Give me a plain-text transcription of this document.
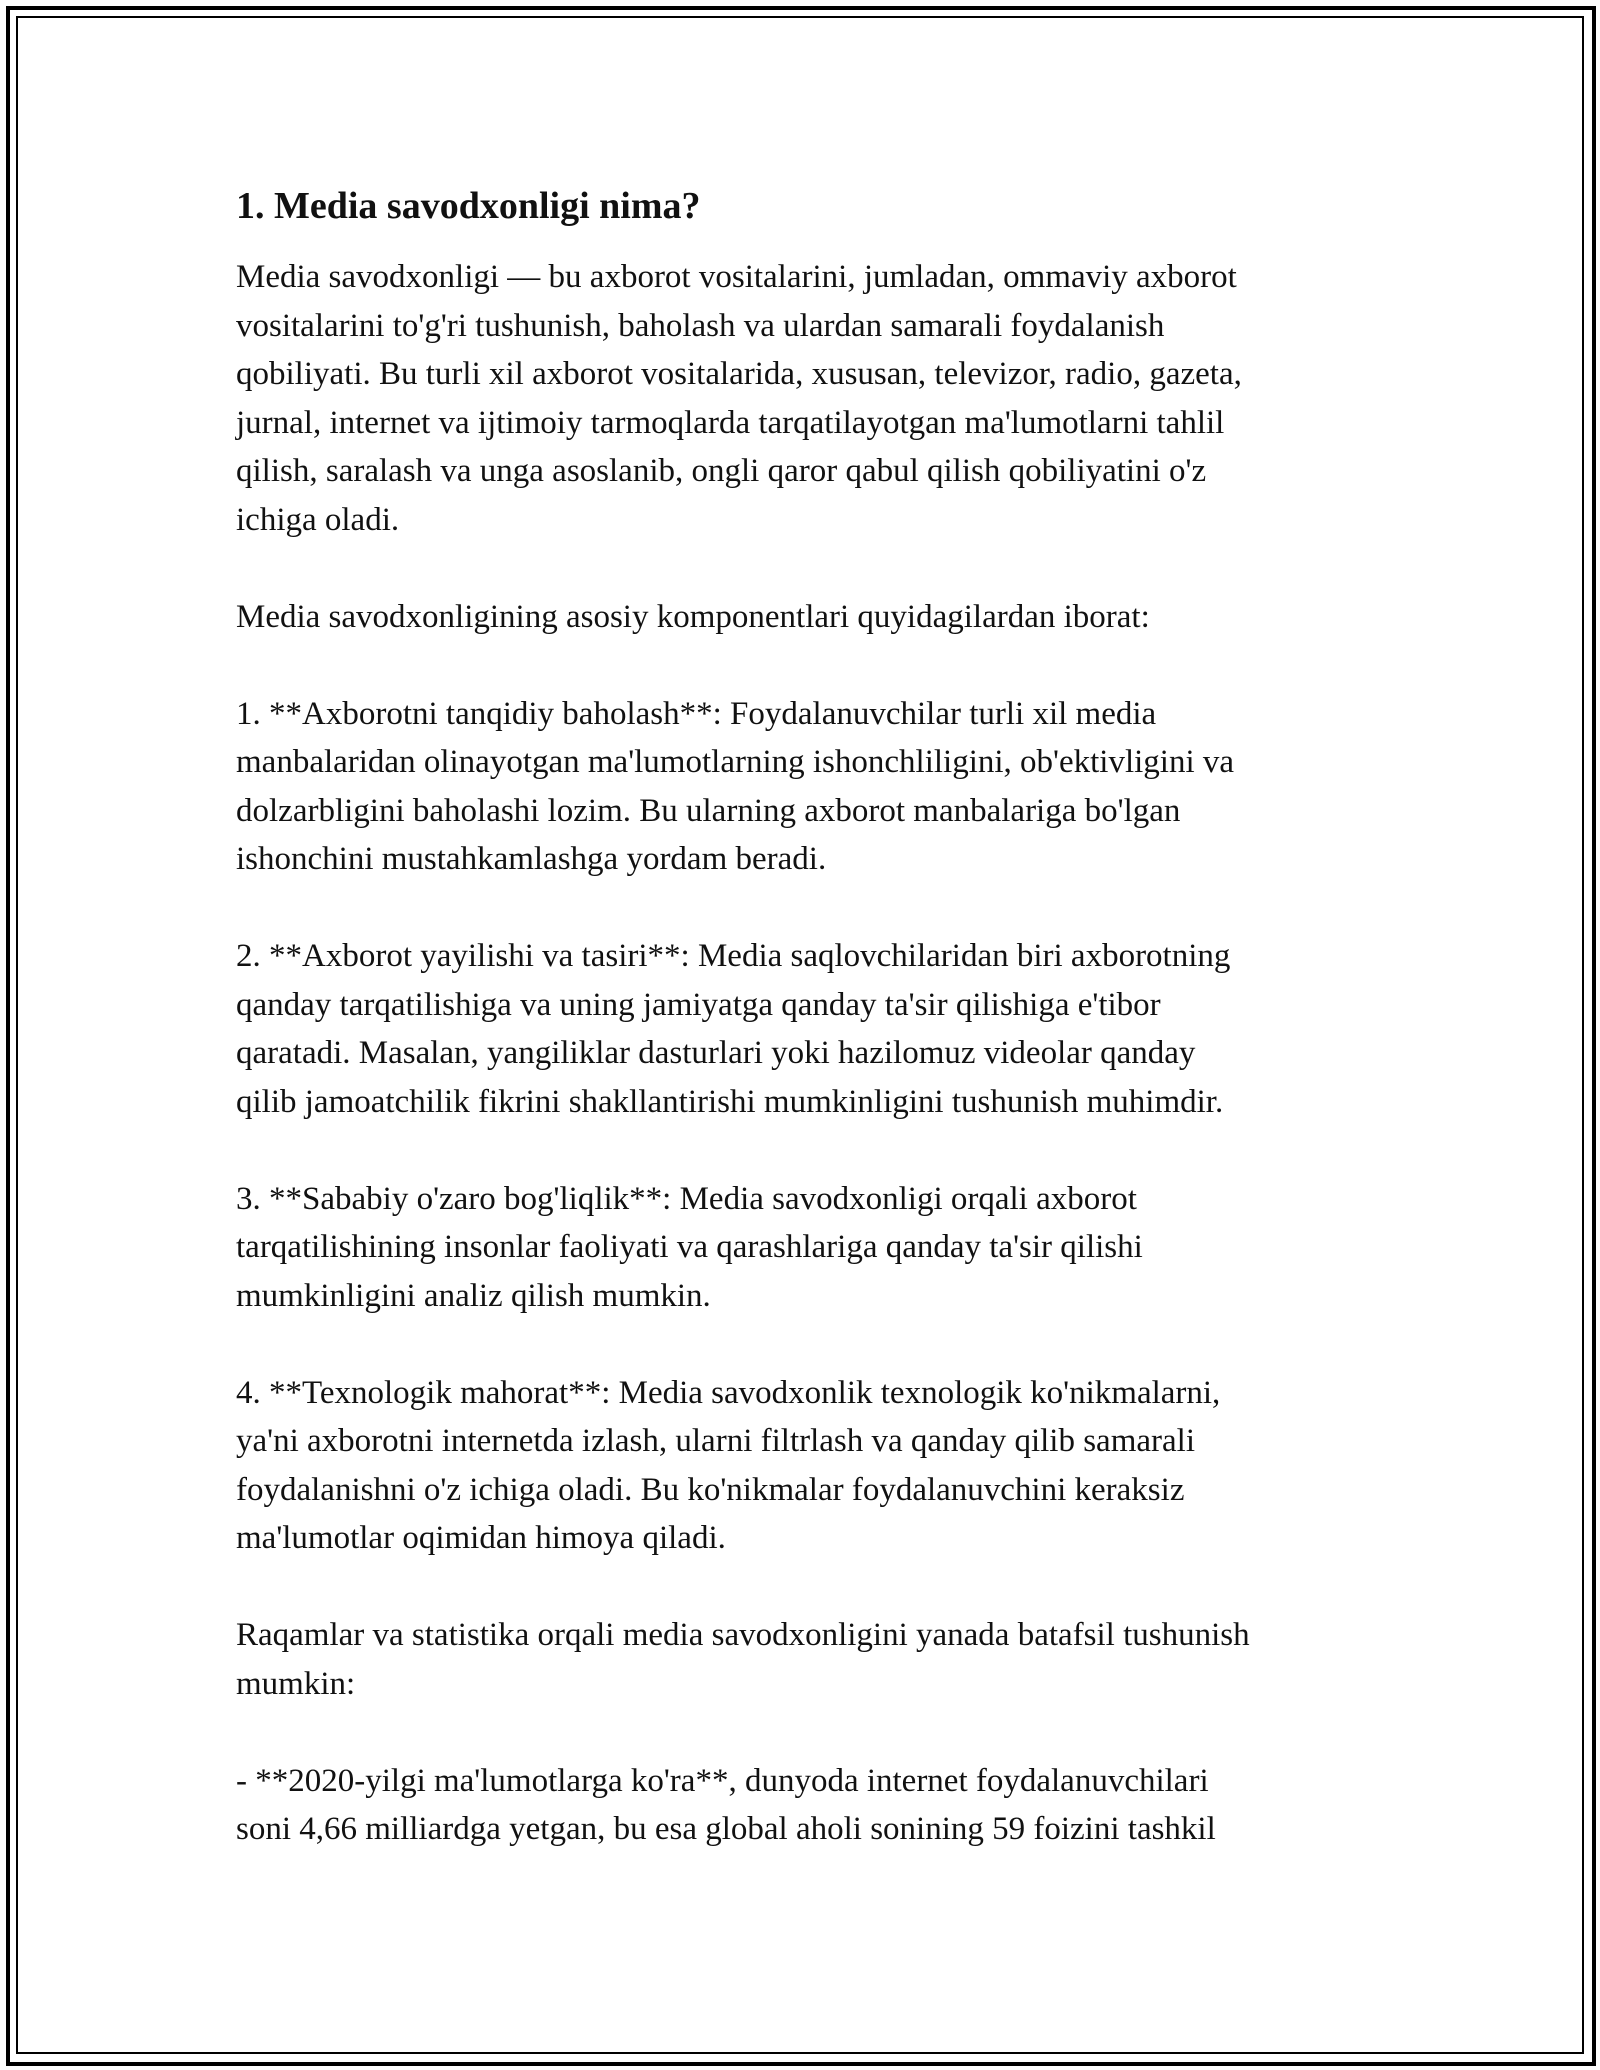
1. Media savodxonligi nima?

Media savodxonligi — bu axborot vositalarini, jumladan, ommaviy axborot
vositalarini to'g'ri tushunish, baholash va ulardan samarali foydalanish
qobiliyati. Bu turli xil axborot vositalarida, xususan, televizor, radio, gazeta,
jurnal, internet va ijtimoiy tarmoqlarda tarqatilayotgan ma'lumotlarni tahlil
qilish, saralash va unga asoslanib, ongli qaror qabul qilish qobiliyatini o'z
ichiga oladi.

Media savodxonligining asosiy komponentlari quyidagilardan iborat:

1. **Axborotni tanqidiy baholash**: Foydalanuvchilar turli xil media
manbalaridan olinayotgan ma'lumotlarning ishonchliligini, ob'ektivligini va
dolzarbligini baholashi lozim. Bu ularning axborot manbalariga bo'lgan
ishonchini mustahkamlashga yordam beradi.

2. **Axborot yayilishi va tasiri**: Media saqlovchilaridan biri axborotning
qanday tarqatilishiga va uning jamiyatga qanday ta'sir qilishiga e'tibor
qaratadi. Masalan, yangiliklar dasturlari yoki hazilomuz videolar qanday
qilib jamoatchilik fikrini shakllantirishi mumkinligini tushunish muhimdir.

3. **Sababiy o'zaro bog'liqlik**: Media savodxonligi orqali axborot
tarqatilishining insonlar faoliyati va qarashlariga qanday ta'sir qilishi
mumkinligini analiz qilish mumkin.

4. **Texnologik mahorat**: Media savodxonlik texnologik ko'nikmalarni,
ya'ni axborotni internetda izlash, ularni filtrlash va qanday qilib samarali
foydalanishni o'z ichiga oladi. Bu ko'nikmalar foydalanuvchini keraksiz
ma'lumotlar oqimidan himoya qiladi.

Raqamlar va statistika orqali media savodxonligini yanada batafsil tushunish
mumkin:

- **2020-yilgi ma'lumotlarga ko'ra**, dunyoda internet foydalanuvchilari
soni 4,66 milliardga yetgan, bu esa global aholi sonining 59 foizini tashkil
